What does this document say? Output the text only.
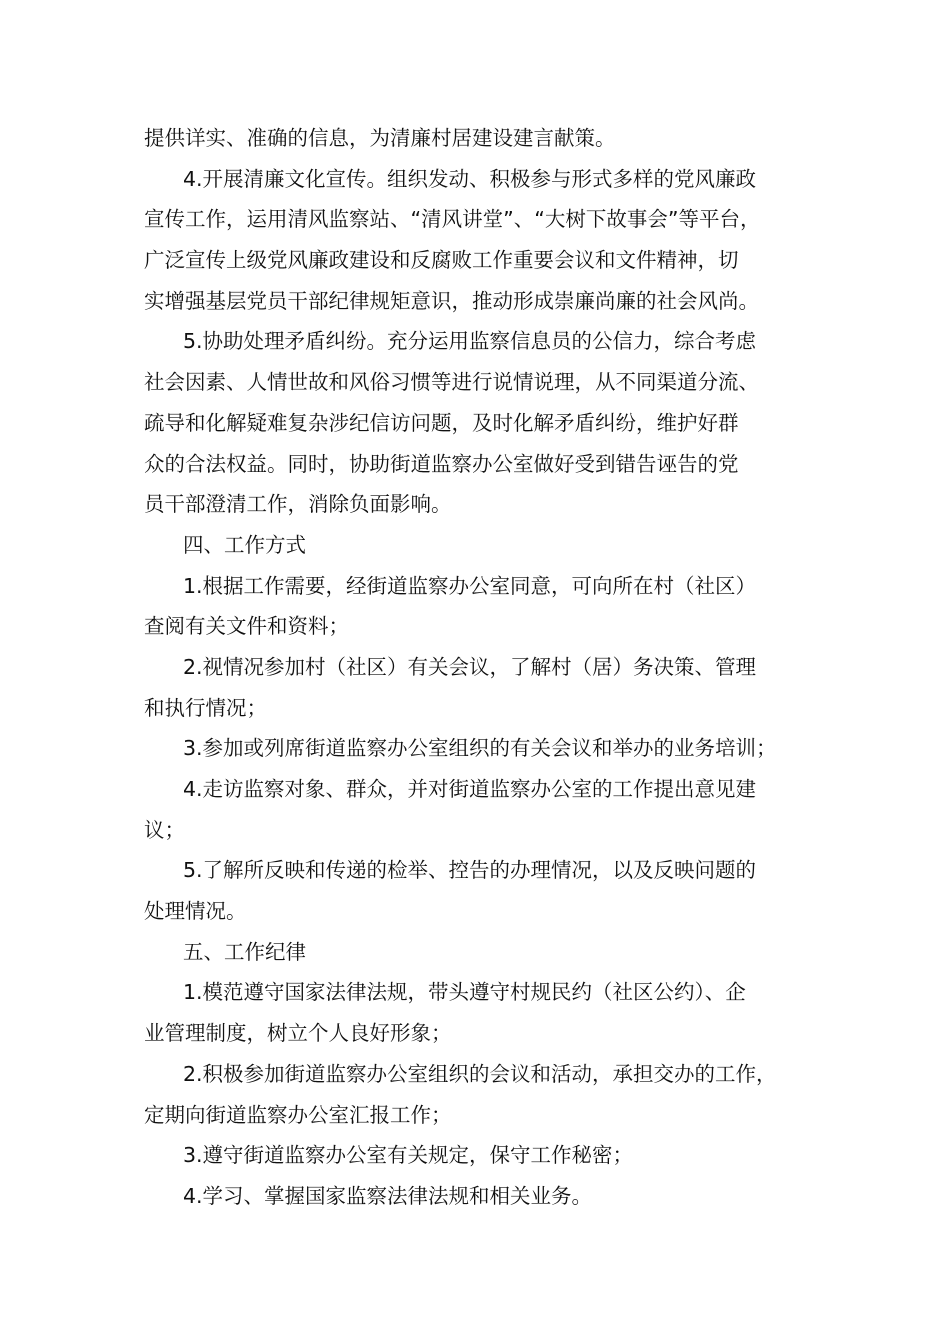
提供详实、准确的信息，为清廉村居建设建言献策。
4.开展清廉文化宣传。组织发动、积极参与形式多样的党风廉政
宣传工作，运用清风监察站、“清风讲堂”、“大树下故事会”等平台，
广泛宣传上级党风廉政建设和反腐败工作重要会议和文件精神，切
实增强基层党员干部纪律规矩意识，推动形成崇廉尚廉的社会风尚。
5.协助处理矛盾纠纷。充分运用监察信息员的公信力，综合考虑
社会因素、人情世故和风俗习惯等进行说情说理，从不同渠道分流、
疏导和化解疑难复杂涉纪信访问题，及时化解矛盾纠纷，维护好群
众的合法权益。同时，协助街道监察办公室做好受到错告诬告的党
员干部澄清工作，消除负面影响。
四、工作方式
1.根据工作需要，经街道监察办公室同意，可向所在村（社区）
查阅有关文件和资料；
2.视情况参加村（社区）有关会议，了解村（居）务决策、管理
和执行情况；
3.参加或列席街道监察办公室组织的有关会议和举办的业务培训；
4.走访监察对象、群众，并对街道监察办公室的工作提出意见建
议；
5.了解所反映和传递的检举、控告的办理情况，以及反映问题的
处理情况。
五、工作纪律
1.模范遵守国家法律法规，带头遵守村规民约（社区公约）、企
业管理制度，树立个人良好形象；
2.积极参加街道监察办公室组织的会议和活动，承担交办的工作，
定期向街道监察办公室汇报工作；
3.遵守街道监察办公室有关规定，保守工作秘密；
4.学习、掌握国家监察法律法规和相关业务。
